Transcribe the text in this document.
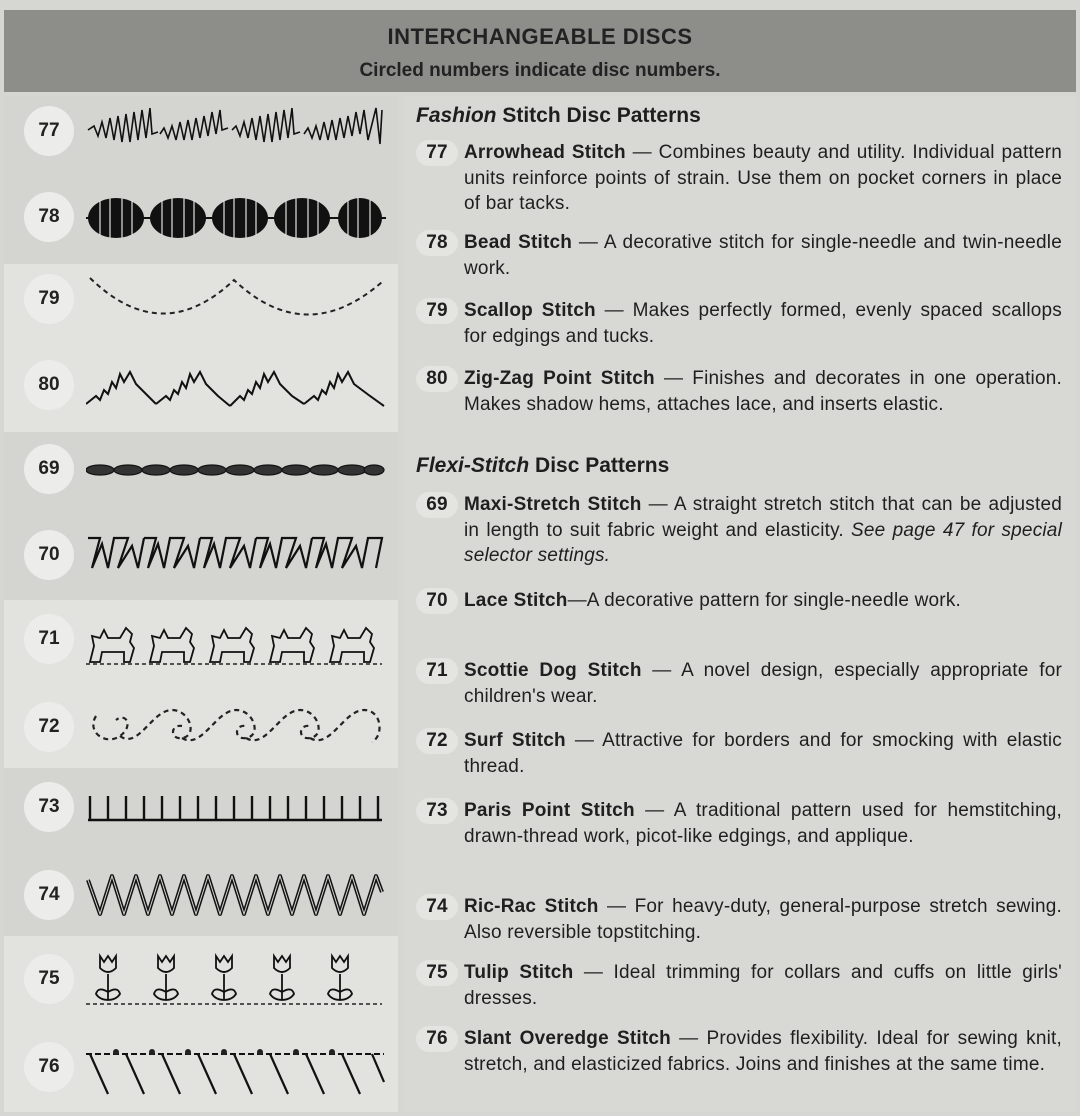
INTERCHANGEABLE DISCS
Circled numbers indicate disc numbers.
77
78
79
80
69
70
71
72
73
74
75
76
Fashion Stitch Disc Patterns
77 Arrowhead Stitch — Combines beauty and utility. Individual pattern units reinforce points of strain. Use them on pocket corners in place of bar tacks.
78 Bead Stitch — A decorative stitch for single-needle and twin-needle work.
79 Scallop Stitch — Makes perfectly formed, evenly spaced scallops for edgings and tucks.
80 Zig-Zag Point Stitch — Finishes and decorates in one operation. Makes shadow hems, attaches lace, and inserts elastic.
Flexi-Stitch Disc Patterns
69 Maxi-Stretch Stitch — A straight stretch stitch that can be adjusted in length to suit fabric weight and elasticity. See page 47 for special selector settings.
70 Lace Stitch—A decorative pattern for single-needle work.
71 Scottie Dog Stitch — A novel design, especially appropriate for children's wear.
72 Surf Stitch — Attractive for borders and for smocking with elastic thread.
73 Paris Point Stitch — A traditional pattern used for hemstitching, drawn-thread work, picot-like edgings, and applique.
74 Ric-Rac Stitch — For heavy-duty, general-purpose stretch sewing. Also reversible topstitching.
75 Tulip Stitch — Ideal trimming for collars and cuffs on little girls' dresses.
76 Slant Overedge Stitch — Provides flexibility. Ideal for sewing knit, stretch, and elasticized fabrics. Joins and finishes at the same time.
